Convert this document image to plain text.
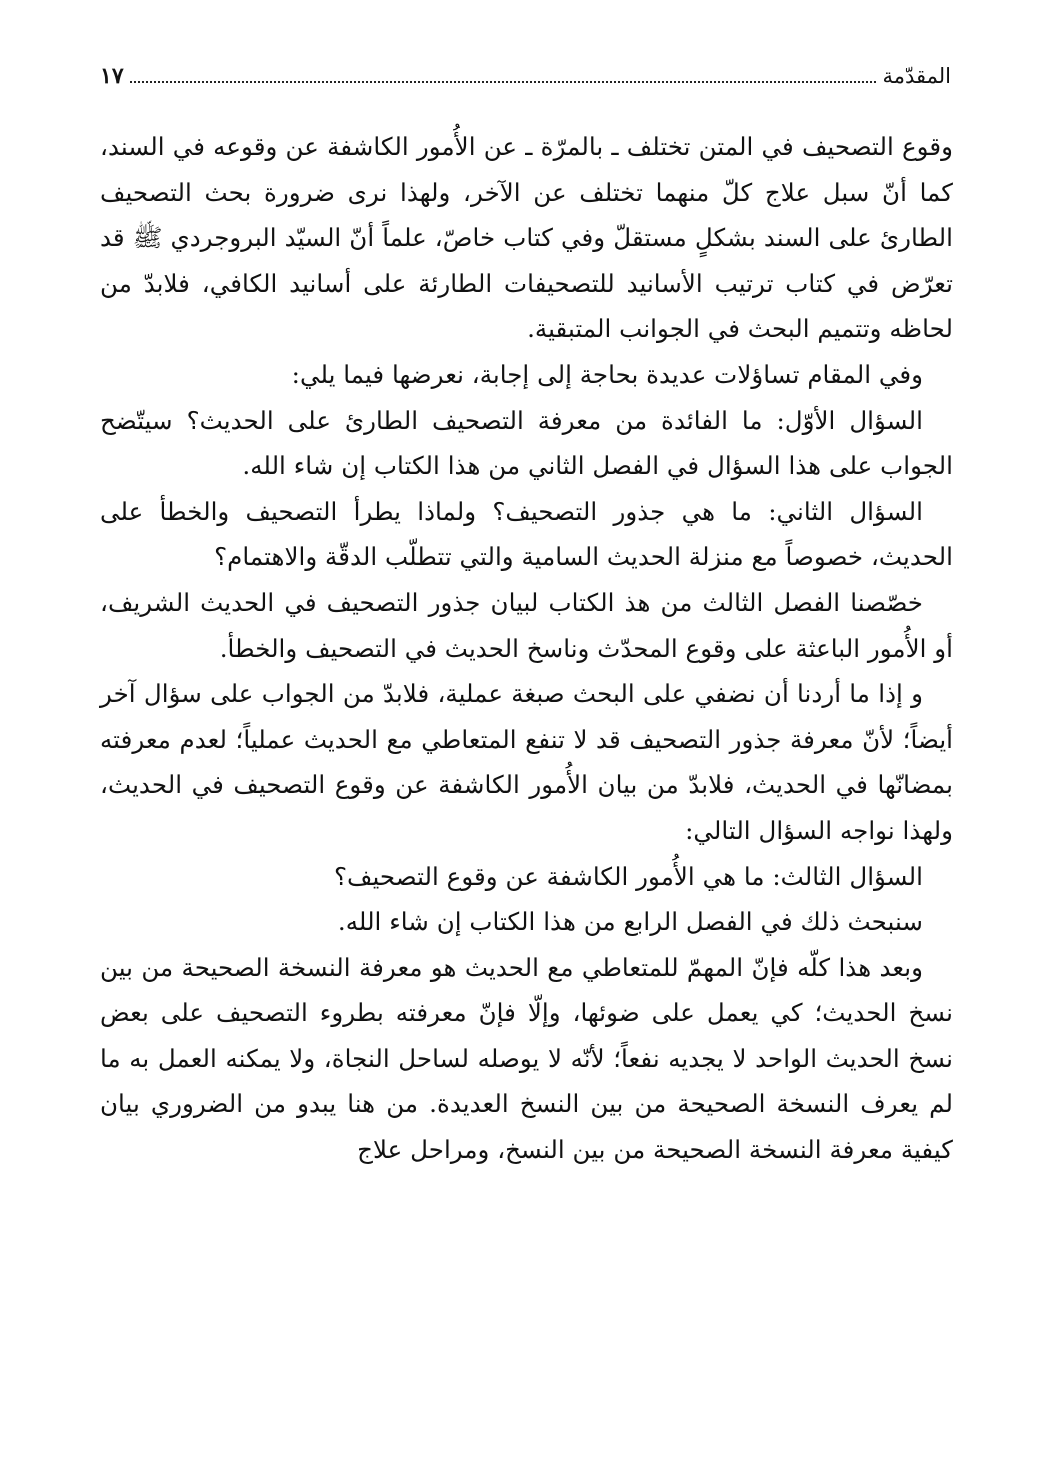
المقدّمة
١٧

وقوع التصحيف في المتن تختلف ـ بالمرّة ـ عن الأُمور الكاشفة عن وقوعه في السند، كما أنّ سبل علاج كلّ منهما تختلف عن الآخر، ولهذا نرى ضرورة بحث التصحيف الطارئ على السند بشكلٍ مستقلّ وفي كتاب خاصّ، علماً أنّ السيّد البروجردي ﷺ قد تعرّض في كتاب ترتيب الأسانيد للتصحيفات الطارئة على أسانيد الكافي، فلابدّ من لحاظه وتتميم البحث في الجوانب المتبقية.

وفي المقام تساؤلات عديدة بحاجة إلى إجابة، نعرضها فيما يلي:

السؤال الأوّل: ما الفائدة من معرفة التصحيف الطارئ على الحديث؟ سيتّضح الجواب على هذا السؤال في الفصل الثاني من هذا الكتاب إن شاء الله.

السؤال الثاني: ما هي جذور التصحيف؟ ولماذا يطرأ التصحيف والخطأ على الحديث، خصوصاً مع منزلة الحديث السامية والتي تتطلّب الدقّة والاهتمام؟

خصّصنا الفصل الثالث من هذ الكتاب لبيان جذور التصحيف في الحديث الشريف، أو الأُمور الباعثة على وقوع المحدّث وناسخ الحديث في التصحيف والخطأ.

و إذا ما أردنا أن نضفي على البحث صبغة عملية، فلابدّ من الجواب على سؤال آخر أيضاً؛ لأنّ معرفة جذور التصحيف قد لا تنفع المتعاطي مع الحديث عملياً؛ لعدم معرفته بمضانّها في الحديث، فلابدّ من بيان الأُمور الكاشفة عن وقوع التصحيف في الحديث، ولهذا نواجه السؤال التالي:

السؤال الثالث: ما هي الأُمور الكاشفة عن وقوع التصحيف؟

سنبحث ذلك في الفصل الرابع من هذا الكتاب إن شاء الله.

وبعد هذا كلّه فإنّ المهمّ للمتعاطي مع الحديث هو معرفة النسخة الصحيحة من بين نسخ الحديث؛ كي يعمل على ضوئها، وإلّا فإنّ معرفته بطروء التصحيف على بعض نسخ الحديث الواحد لا يجديه نفعاً؛ لأنّه لا يوصله لساحل النجاة، ولا يمكنه العمل به ما لم يعرف النسخة الصحيحة من بين النسخ العديدة. من هنا يبدو من الضروري بيان كيفية معرفة النسخة الصحيحة من بين النسخ، ومراحل علاج
